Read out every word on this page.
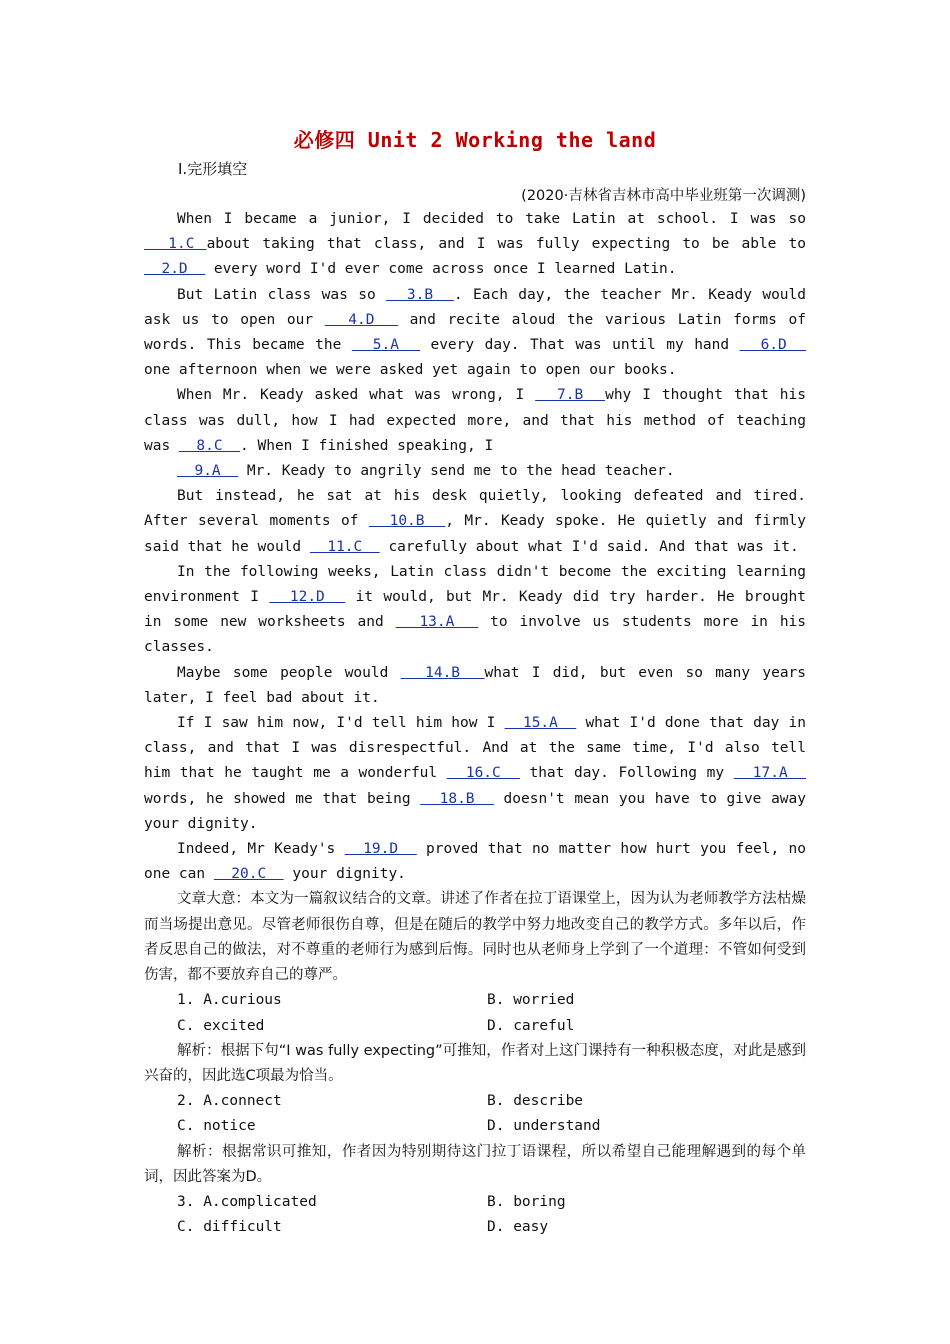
必修四 Unit 2 Working the land
Ⅰ.完形填空
(2020·吉林省吉林市高中毕业班第一次调测)

When I became a junior, I decided to take Latin at school. I was so   1.C about taking that class, and I was fully expecting to be able to   2.D   every word I'd ever come across once I learned Latin.

But Latin class was so   3.B  . Each day, the teacher Mr. Keady would ask us to open our   4.D   and recite aloud the various Latin forms of words. This became the   5.A   every day. That was until my hand   6.D   one afternoon when we were asked yet again to open our books.

When Mr. Keady asked what was wrong, I   7.B  why I thought that his class was dull, how I had expected more, and that his method of teaching was   8.C  . When I finished speaking, I

9.A   Mr. Keady to angrily send me to the head teacher.

But instead, he sat at his desk quietly, looking defeated and tired. After several moments of   10.B  , Mr. Keady spoke. He quietly and firmly said that he would   11.C   carefully about what I'd said. And that was it.

In the following weeks, Latin class didn't become the exciting learning environment I   12.D   it would, but Mr. Keady did try harder. He brought in some new worksheets and   13.A   to involve us students more in his classes.

Maybe some people would   14.B  what I did, but even so many years later, I feel bad about it.

If I saw him now, I'd tell him how I   15.A   what I'd done that day in class, and that I was disrespectful. And at the same time, I'd also tell him that he taught me a wonderful   16.C   that day. Following my   17.A   words, he showed me that being   18.B   doesn't mean you have to give away your dignity.

Indeed, Mr Keady's   19.D   proved that no matter how hurt you feel, no one can   20.C   your dignity.

文章大意：本文为一篇叙议结合的文章。讲述了作者在拉丁语课堂上，因为认为老师教学方法枯燥而当场提出意见。尽管老师很伤自尊，但是在随后的教学中努力地改变自己的教学方式。多年以后，作者反思自己的做法，对不尊重的老师行为感到后悔。同时也从老师身上学到了一个道理：不管如何受到伤害，都不要放弃自己的尊严。

1. A.curious	B. worried
C. excited	D. careful

解析：根据下句“I was fully expecting”可推知，作者对上这门课持有一种积极态度，对此是感到兴奋的，因此选C项最为恰当。

2. A.connect	B. describe
C. notice	D. understand

解析：根据常识可推知，作者因为特别期待这门拉丁语课程，所以希望自己能理解遇到的每个单词，因此答案为D。

3. A.complicated	B. boring
C. difficult	D. easy
